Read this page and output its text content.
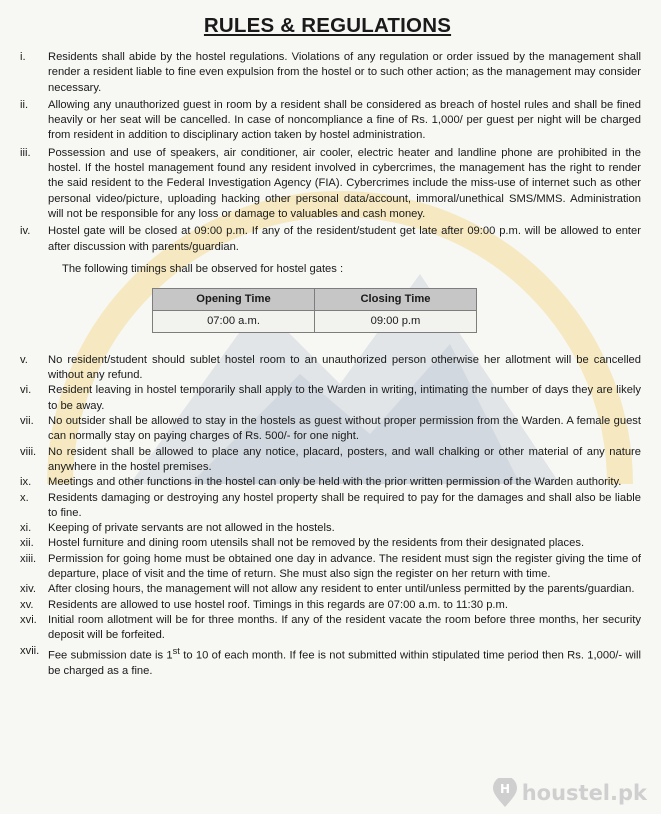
RULES & REGULATIONS
i.	Residents shall abide by the hostel regulations. Violations of any regulation or order issued by the management shall render a resident liable to fine even expulsion from the hostel or to such other action; as the management may consider necessary.
ii.	Allowing any unauthorized guest in room by a resident shall be considered as breach of hostel rules and shall be fined heavily or her seat will be cancelled. In case of noncompliance a fine of Rs. 1,000/ per guest per night will be charged from resident in addition to disciplinary action taken by hostel administration.
iii.	Possession and use of speakers, air conditioner, air cooler, electric heater and landline phone are prohibited in the hostel. If the hostel management found any resident involved in cybercrimes, the management has the right to render the said resident to the Federal Investigation Agency (FIA). Cybercrimes include the miss-use of internet such as other personal video/picture, uploading hacking other personal data/account, immoral/unethical SMS/MMS. Administration will not be responsible for any loss or damage to valuables and cash money.
iv.	Hostel gate will be closed at 09:00 p.m. If any of the resident/student get late after 09:00 p.m. will be allowed to enter after discussion with parents/guardian.
The following timings shall be observed for hostel gates :
Opening Time	Closing Time
07:00 a.m.	09:00 p.m
v.	No resident/student should sublet hostel room to an unauthorized person otherwise her allotment will be cancelled without any refund.
vi.	Resident leaving in hostel temporarily shall apply to the Warden in writing, intimating the number of days they are likely to be away.
vii.	No outsider shall be allowed to stay in the hostels as guest without proper permission from the Warden. A female guest can normally stay on paying charges of Rs. 500/- for one night.
viii.	No resident shall be allowed to place any notice, placard, posters, and wall chalking or other material of any nature anywhere in the hostel premises.
ix.	Meetings and other functions in the hostel can only be held with the prior written permission of the Warden authority.
x.	Residents damaging or destroying any hostel property shall be required to pay for the damages and shall also be liable to fine.
xi.	Keeping of private servants are not allowed in the hostels.
xii.	Hostel furniture and dining room utensils shall not be removed by the residents from their designated places.
xiii.	Permission for going home must be obtained one day in advance. The resident must sign the register giving the time of departure, place of visit and the time of return. She must also sign the register on her return with time.
xiv.	After closing hours, the management will not allow any resident to enter until/unless permitted by the parents/guardian.
xv.	Residents are allowed to use hostel roof. Timings in this regards are 07:00 a.m. to 11:30 p.m.
xvi.	Initial room allotment will be for three months. If any of the resident vacate the room before three months, her security deposit will be forfeited.
xvii. Fee submission date is 1st to 10 of each month. If fee is not submitted within stipulated time period then Rs. 1,000/- will be charged as a fine.
H houstel.pk
